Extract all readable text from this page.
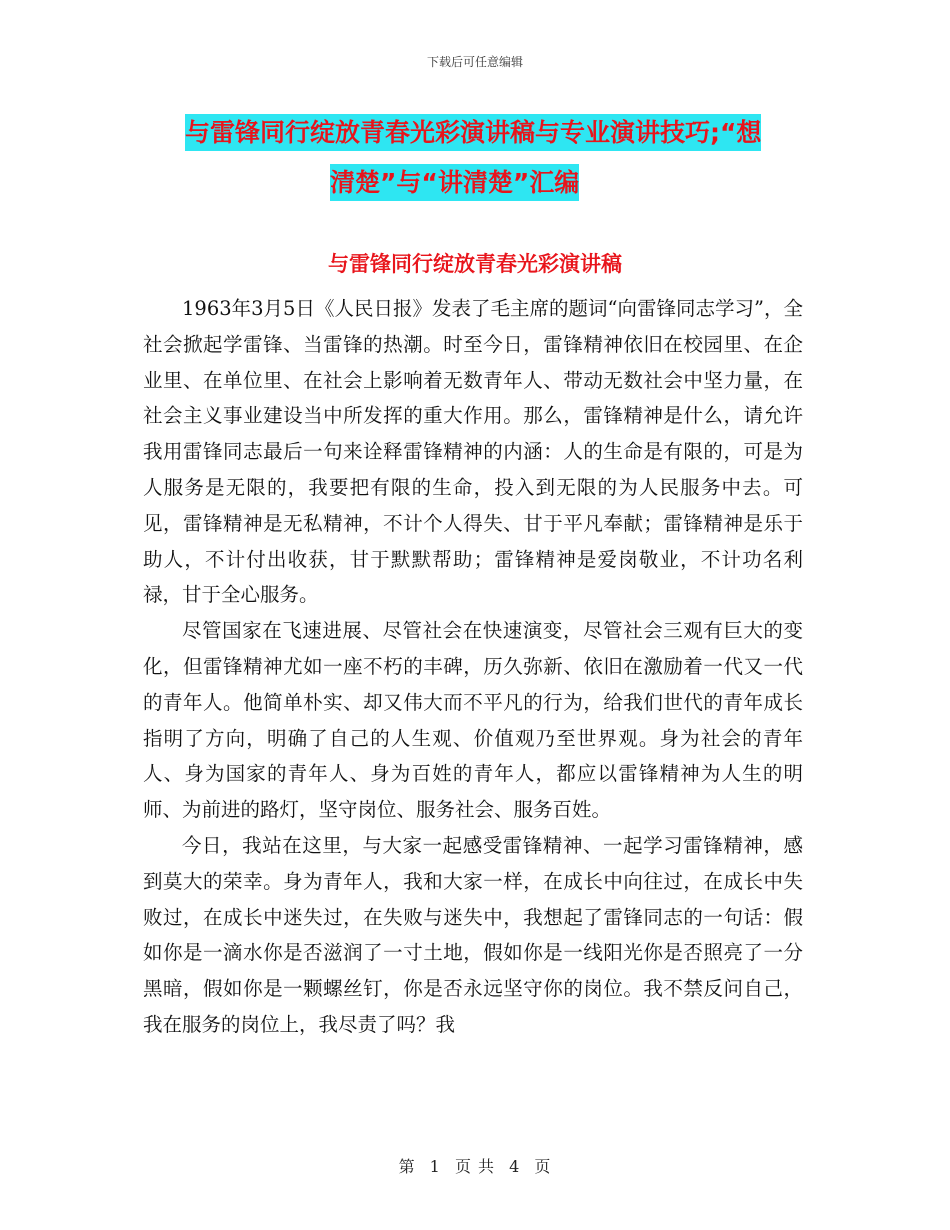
下载后可任意编辑
与雷锋同行绽放青春光彩演讲稿与专业演讲技巧;“想
清楚”与“讲清楚”汇编
与雷锋同行绽放青春光彩演讲稿

1963年3月5日《人民日报》发表了毛主席的题词“向雷锋同志学习”，全社会掀起学雷锋、当雷锋的热潮。时至今日，雷锋精神依旧在校园里、在企业里、在单位里、在社会上影响着无数青年人、带动无数社会中坚力量，在社会主义事业建设当中所发挥的重大作用。那么，雷锋精神是什么，请允许我用雷锋同志最后一句来诠释雷锋精神的内涵：人的生命是有限的，可是为人服务是无限的，我要把有限的生命，投入到无限的为人民服务中去。可见，雷锋精神是无私精神，不计个人得失、甘于平凡奉献；雷锋精神是乐于助人，不计付出收获，甘于默默帮助；雷锋精神是爱岗敬业，不计功名利禄，甘于全心服务。

尽管国家在飞速进展、尽管社会在快速演变，尽管社会三观有巨大的变化，但雷锋精神尤如一座不朽的丰碑，历久弥新、依旧在激励着一代又一代的青年人。他简单朴实、却又伟大而不平凡的行为，给我们世代的青年成长指明了方向，明确了自己的人生观、价值观乃至世界观。身为社会的青年人、身为国家的青年人、身为百姓的青年人，都应以雷锋精神为人生的明师、为前进的路灯，坚守岗位、服务社会、服务百姓。

今日，我站在这里，与大家一起感受雷锋精神、一起学习雷锋精神，感到莫大的荣幸。身为青年人，我和大家一样，在成长中向往过，在成长中失败过，在成长中迷失过，在失败与迷失中，我想起了雷锋同志的一句话：假如你是一滴水你是否滋润了一寸土地，假如你是一线阳光你是否照亮了一分黑暗，假如你是一颗螺丝钉，你是否永远坚守你的岗位。我不禁反问自己，我在服务的岗位上，我尽责了吗？我

第 1 页 共 4 页
